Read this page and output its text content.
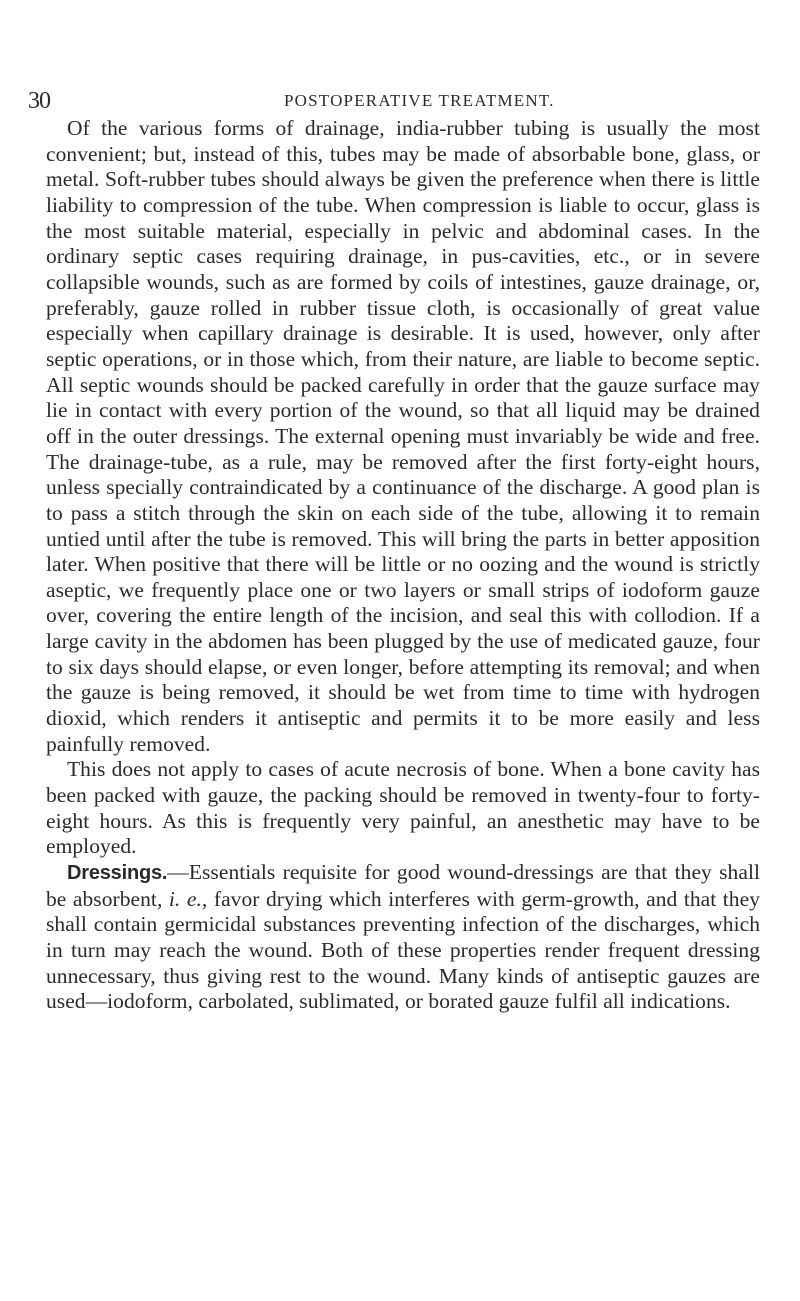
30	POSTOPERATIVE TREATMENT.

Of the various forms of drainage, india-rubber tubing is usually the most convenient; but, instead of this, tubes may be made of absorbable bone, glass, or metal. Soft-rubber tubes should always be given the preference when there is little liability to compression of the tube. When compression is liable to occur, glass is the most suitable material, especially in pelvic and abdominal cases. In the ordinary septic cases requiring drainage, in pus-cavities, etc., or in severe collapsible wounds, such as are formed by coils of intestines, gauze drainage, or, preferably, gauze rolled in rubber tissue cloth, is occasionally of great value especially when capillary drainage is desirable. It is used, however, only after septic operations, or in those which, from their nature, are liable to become septic. All septic wounds should be packed carefully in order that the gauze surface may lie in contact with every portion of the wound, so that all liquid may be drained off in the outer dressings. The external opening must invariably be wide and free. The drainage-tube, as a rule, may be removed after the first forty-eight hours, unless specially contraindicated by a continuance of the discharge. A good plan is to pass a stitch through the skin on each side of the tube, allowing it to remain untied until after the tube is removed. This will bring the parts in better apposition later. When positive that there will be little or no oozing and the wound is strictly aseptic, we frequently place one or two layers or small strips of iodoform gauze over, covering the entire length of the incision, and seal this with collodion. If a large cavity in the abdomen has been plugged by the use of medicated gauze, four to six days should elapse, or even longer, before attempting its removal; and when the gauze is being removed, it should be wet from time to time with hydrogen dioxid, which renders it antiseptic and permits it to be more easily and less painfully removed.

This does not apply to cases of acute necrosis of bone. When a bone cavity has been packed with gauze, the packing should be removed in twenty-four to forty-eight hours. As this is frequently very painful, an anesthetic may have to be employed.

Dressings.—Essentials requisite for good wound-dressings are that they shall be absorbent, i. e., favor drying which interferes with germ-growth, and that they shall contain germicidal substances preventing infection of the discharges, which in turn may reach the wound. Both of these properties render frequent dressing unnecessary, thus giving rest to the wound. Many kinds of antiseptic gauzes are used—iodoform, carbolated, sublimated, or borated gauze fulfil all indications.
